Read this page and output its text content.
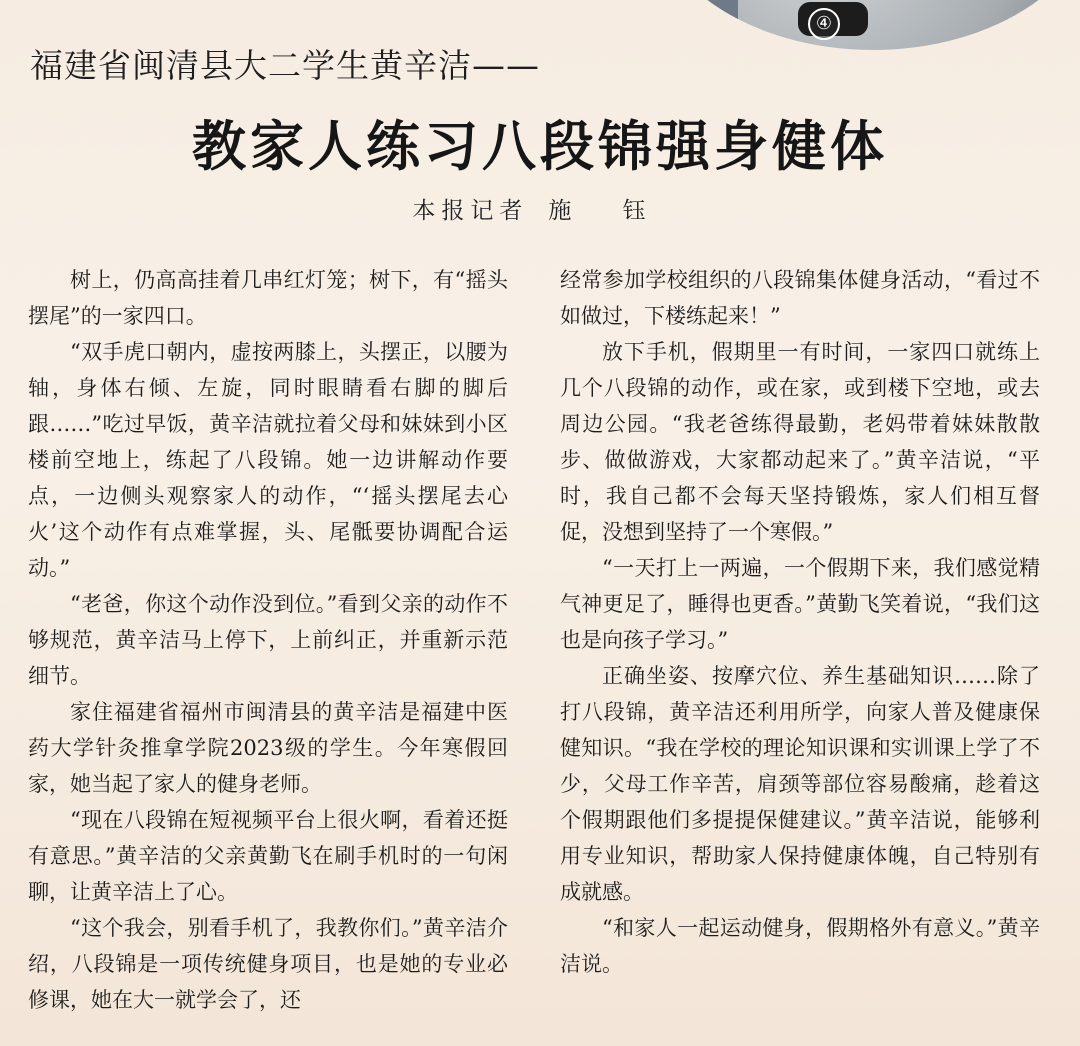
④
福建省闽清县大二学生黄辛洁——
教家人练习八段锦强身健体
本报记者 施 钰

树上，仍高高挂着几串红灯笼；树下，有“摇头摆尾”的一家四口。

“双手虎口朝内，虚按两膝上，头摆正，以腰为轴，身体右倾、左旋，同时眼睛看右脚的脚后跟……”吃过早饭，黄辛洁就拉着父母和妹妹到小区楼前空地上，练起了八段锦。她一边讲解动作要点，一边侧头观察家人的动作，“‘摇头摆尾去心火’这个动作有点难掌握，头、尾骶要协调配合运动。”

“老爸，你这个动作没到位。”看到父亲的动作不够规范，黄辛洁马上停下，上前纠正，并重新示范细节。

家住福建省福州市闽清县的黄辛洁是福建中医药大学针灸推拿学院2023级的学生。今年寒假回家，她当起了家人的健身老师。

“现在八段锦在短视频平台上很火啊，看着还挺有意思。”黄辛洁的父亲黄勤飞在刷手机时的一句闲聊，让黄辛洁上了心。

“这个我会，别看手机了，我教你们。”黄辛洁介绍，八段锦是一项传统健身项目，也是她的专业必修课，她在大一就学会了，还

经常参加学校组织的八段锦集体健身活动，“看过不如做过，下楼练起来！”

放下手机，假期里一有时间，一家四口就练上几个八段锦的动作，或在家，或到楼下空地，或去周边公园。“我老爸练得最勤，老妈带着妹妹散散步、做做游戏，大家都动起来了。”黄辛洁说，“平时，我自己都不会每天坚持锻炼，家人们相互督促，没想到坚持了一个寒假。”

“一天打上一两遍，一个假期下来，我们感觉精气神更足了，睡得也更香。”黄勤飞笑着说，“我们这也是向孩子学习。”

正确坐姿、按摩穴位、养生基础知识……除了打八段锦，黄辛洁还利用所学，向家人普及健康保健知识。“我在学校的理论知识课和实训课上学了不少，父母工作辛苦，肩颈等部位容易酸痛，趁着这个假期跟他们多提提保健建议。”黄辛洁说，能够利用专业知识，帮助家人保持健康体魄，自己特别有成就感。

“和家人一起运动健身，假期格外有意义。”黄辛洁说。
